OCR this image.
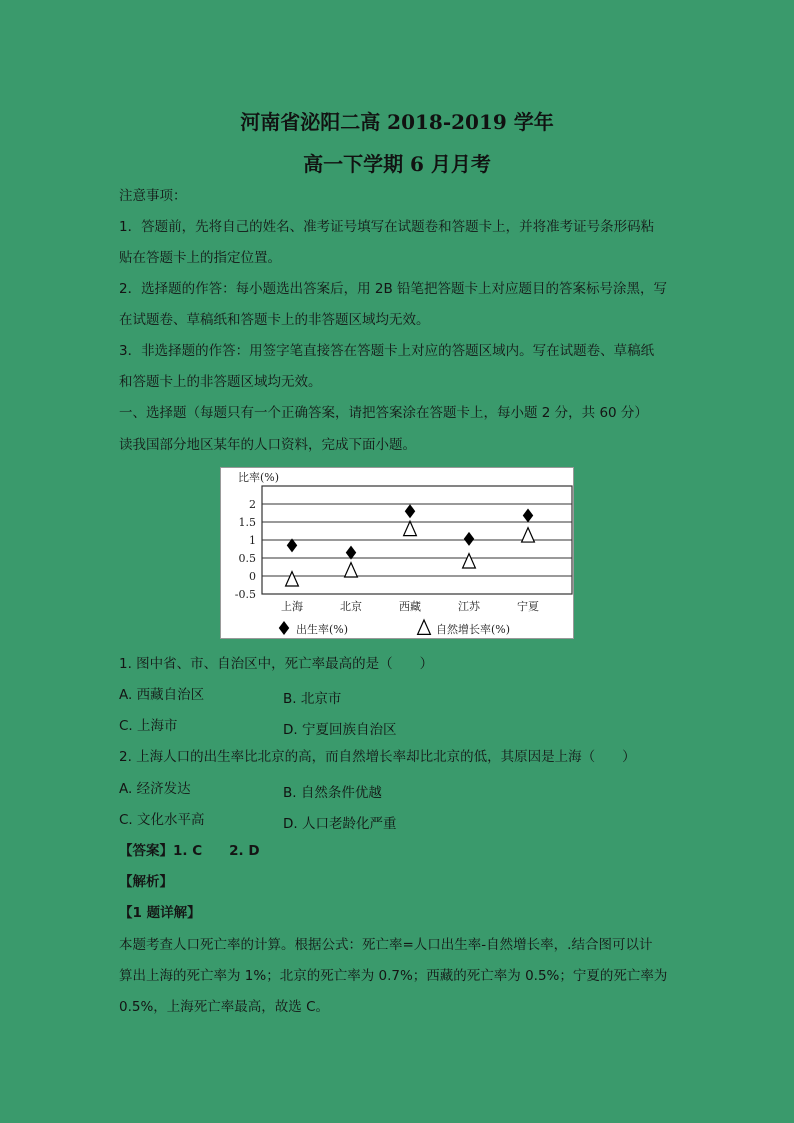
河南省泌阳二高 2018-2019 学年
高一下学期 6 月月考
注意事项：
1．答题前，先将自己的姓名、准考证号填写在试题卷和答题卡上，并将准考证号条形码粘
贴在答题卡上的指定位置。
2．选择题的作答：每小题选出答案后，用 2B 铅笔把答题卡上对应题目的答案标号涂黑，写
在试题卷、草稿纸和答题卡上的非答题区域均无效。
3．非选择题的作答：用签字笔直接答在答题卡上对应的答题区域内。写在试题卷、草稿纸
和答题卡上的非答题区域均无效。
一、选择题（每题只有一个正确答案，请把答案涂在答题卡上，每小题 2 分，共 60 分）
读我国部分地区某年的人口资料，完成下面小题。
比率(%)
2
1.5
1
0.5
0
-0.5
上海	北京	西藏	江苏	宁夏
出生率(%)	自然增长率(%)
1. 图中省、市、自治区中，死亡率最高的是（　　）
A. 西藏自治区	B. 北京市
C. 上海市	D. 宁夏回族自治区
2. 上海人口的出生率比北京的高，而自然增长率却比北京的低，其原因是上海（　　）
A. 经济发达	B. 自然条件优越
C. 文化水平高	D. 人口老龄化严重
【答案】1. C　　2. D
【解析】
【1 题详解】
本题考查人口死亡率的计算。根据公式：死亡率=人口出生率-自然增长率，.结合图可以计
算出上海的死亡率为 1%；北京的死亡率为 0.7%；西藏的死亡率为 0.5%；宁夏的死亡率为
0.5%，上海死亡率最高，故选 C。
